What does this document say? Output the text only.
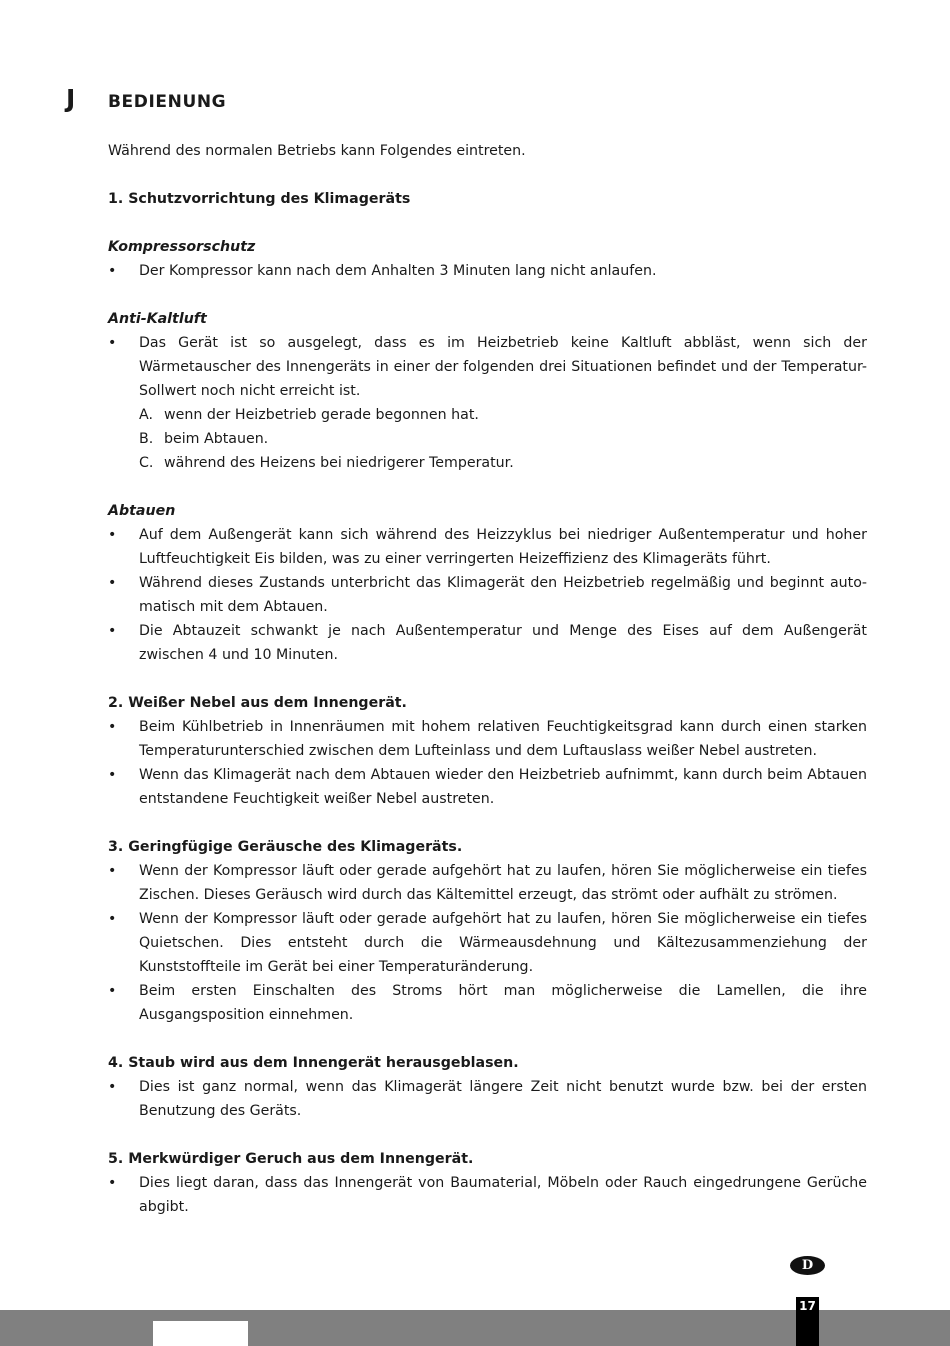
J BEDIENUNG

Während des normalen Betriebs kann Folgendes eintreten.

1. Schutzvorrichtung des Klimageräts

Kompressorschutz

• Der Kompressor kann nach dem Anhalten 3 Minuten lang nicht anlaufen.

Anti-Kaltluft

• Das Gerät ist so ausgelegt, dass es im Heizbetrieb keine Kaltluft abbläst, wenn sich der Wärmetauscher des Innengeräts in einer der folgenden drei Situationen befindet und der Temperatur-Sollwert noch nicht erreicht ist.

A. wenn der Heizbetrieb gerade begonnen hat.

B. beim Abtauen.

C. während des Heizens bei niedrigerer Temperatur.

Abtauen

• Auf dem Außengerät kann sich während des Heizzyklus bei niedriger Außentemperatur und hoher Luftfeuchtigkeit Eis bilden, was zu einer verringerten Heizeffizienz des Klimageräts führt.

• Während dieses Zustands unterbricht das Klimagerät den Heizbetrieb regelmäßig und beginnt automatisch mit dem Abtauen.

• Die Abtauzeit schwankt je nach Außentemperatur und Menge des Eises auf dem Außengerät zwischen 4 und 10 Minuten.

2. Weißer Nebel aus dem Innengerät.

• Beim Kühlbetrieb in Innenräumen mit hohem relativen Feuchtigkeitsgrad kann durch einen starken Temperaturunterschied zwischen dem Lufteinlass und dem Luftauslass weißer Nebel austreten.

• Wenn das Klimagerät nach dem Abtauen wieder den Heizbetrieb aufnimmt, kann durch beim Abtauen entstandene Feuchtigkeit weißer Nebel austreten.

3. Geringfügige Geräusche des Klimageräts.

• Wenn der Kompressor läuft oder gerade aufgehört hat zu laufen, hören Sie möglicherweise ein tiefes Zischen. Dieses Geräusch wird durch das Kältemittel erzeugt, das strömt oder aufhält zu strömen.

• Wenn der Kompressor läuft oder gerade aufgehört hat zu laufen, hören Sie möglicherweise ein tiefes Quietschen. Dies entsteht durch die Wärmeausdehnung und Kältezusammenziehung der Kunststoffteile im Gerät bei einer Temperaturänderung.

• Beim ersten Einschalten des Stroms hört man möglicherweise die Lamellen, die ihre Ausgangsposition einnehmen.

4. Staub wird aus dem Innengerät herausgeblasen.

• Dies ist ganz normal, wenn das Klimagerät längere Zeit nicht benutzt wurde bzw. bei der ersten Benutzung des Geräts.

5. Merkwürdiger Geruch aus dem Innengerät.

• Dies liegt daran, dass das Innengerät von Baumaterial, Möbeln oder Rauch eingedrungene Gerüche abgibt.

D
17
